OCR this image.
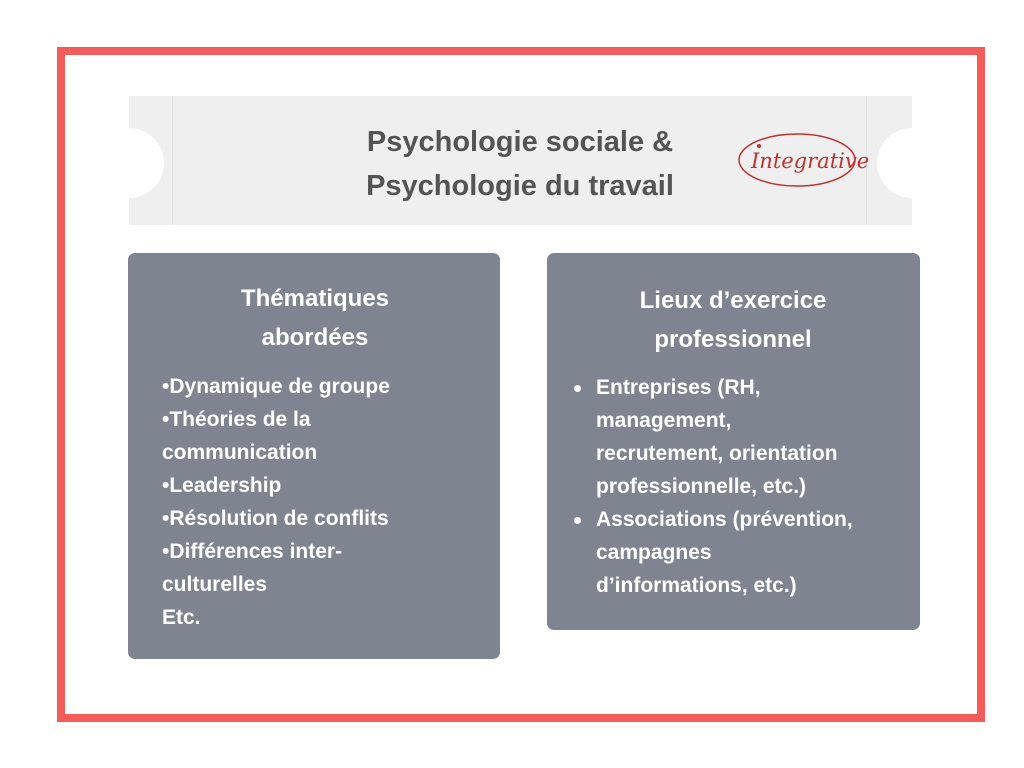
Psychologie sociale &
Psychologie du travail
Integrative
Thématiques
abordées
•Dynamique de groupe
•Théories de la
communication
•Leadership
•Résolution de conflits
•Différences inter-
culturelles
Etc.
Lieux d’exercice
professionnel
Entreprises (RH,
management,
recrutement, orientation
professionnelle, etc.)
Associations (prévention,
campagnes
d’informations, etc.)
